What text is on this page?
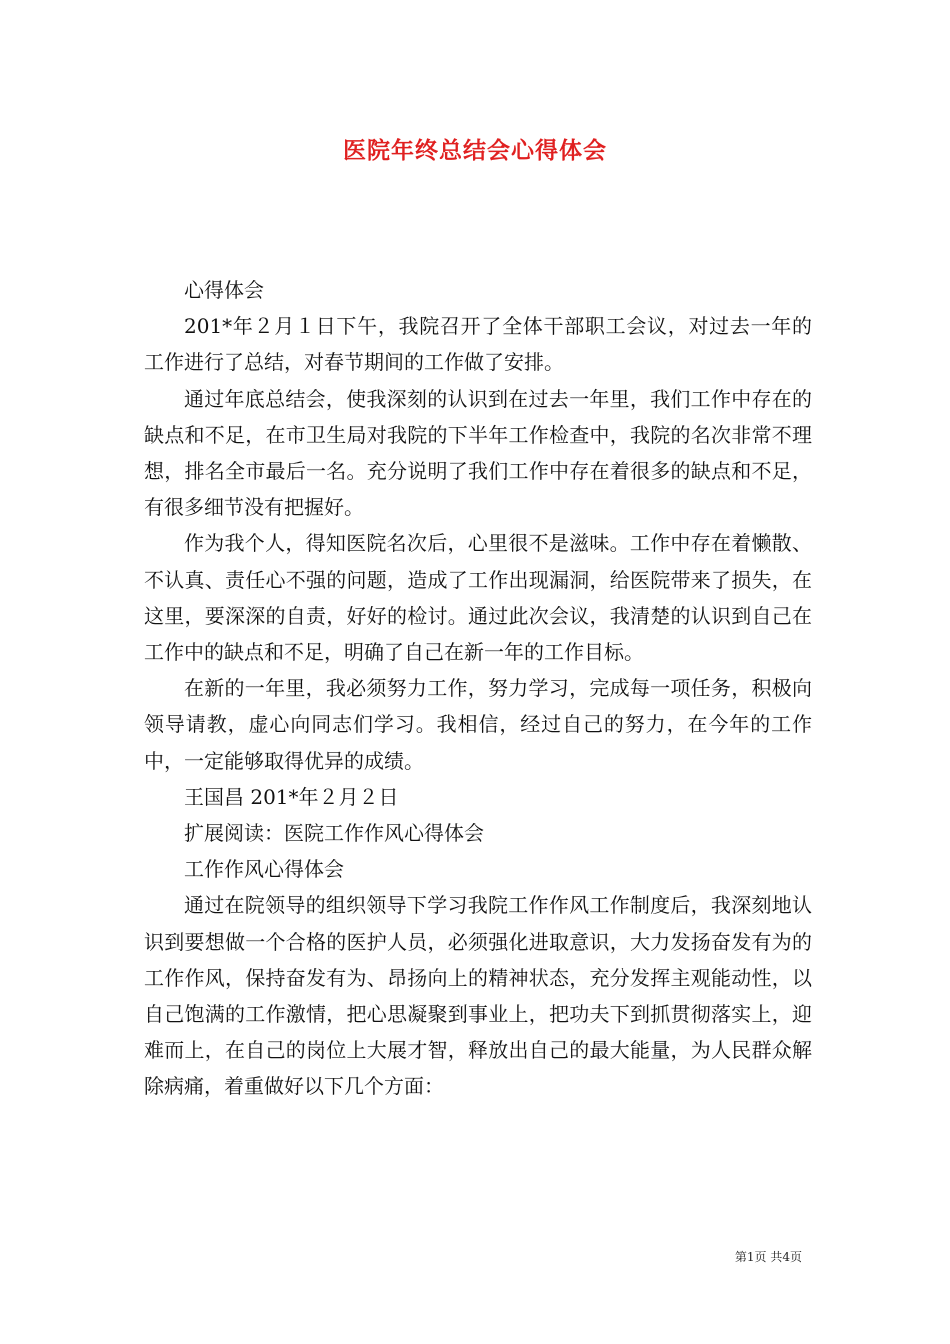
医院年终总结会心得体会

心得体会

201*年２月１日下午，我院召开了全体干部职工会议，对过去一年的工作进行了总结，对春节期间的工作做了安排。

通过年底总结会，使我深刻的认识到在过去一年里，我们工作中存在的缺点和不足，在市卫生局对我院的下半年工作检查中，我院的名次非常不理想，排名全市最后一名。充分说明了我们工作中存在着很多的缺点和不足，有很多细节没有把握好。

作为我个人，得知医院名次后，心里很不是滋味。工作中存在着懒散、不认真、责任心不强的问题，造成了工作出现漏洞，给医院带来了损失，在这里，要深深的自责，好好的检讨。通过此次会议，我清楚的认识到自己在工作中的缺点和不足，明确了自己在新一年的工作目标。

在新的一年里，我必须努力工作，努力学习，完成每一项任务，积极向领导请教，虚心向同志们学习。我相信，经过自己的努力，在今年的工作中，一定能够取得优异的成绩。

王国昌 201*年２月２日

扩展阅读：医院工作作风心得体会

工作作风心得体会

通过在院领导的组织领导下学习我院工作作风工作制度后，我深刻地认识到要想做一个合格的医护人员，必须强化进取意识，大力发扬奋发有为的工作作风，保持奋发有为、昂扬向上的精神状态，充分发挥主观能动性，以自己饱满的工作激情，把心思凝聚到事业上，把功夫下到抓贯彻落实上，迎难而上，在自己的岗位上大展才智，释放出自己的最大能量，为人民群众解除病痛，着重做好以下几个方面：

第1页 共4页
